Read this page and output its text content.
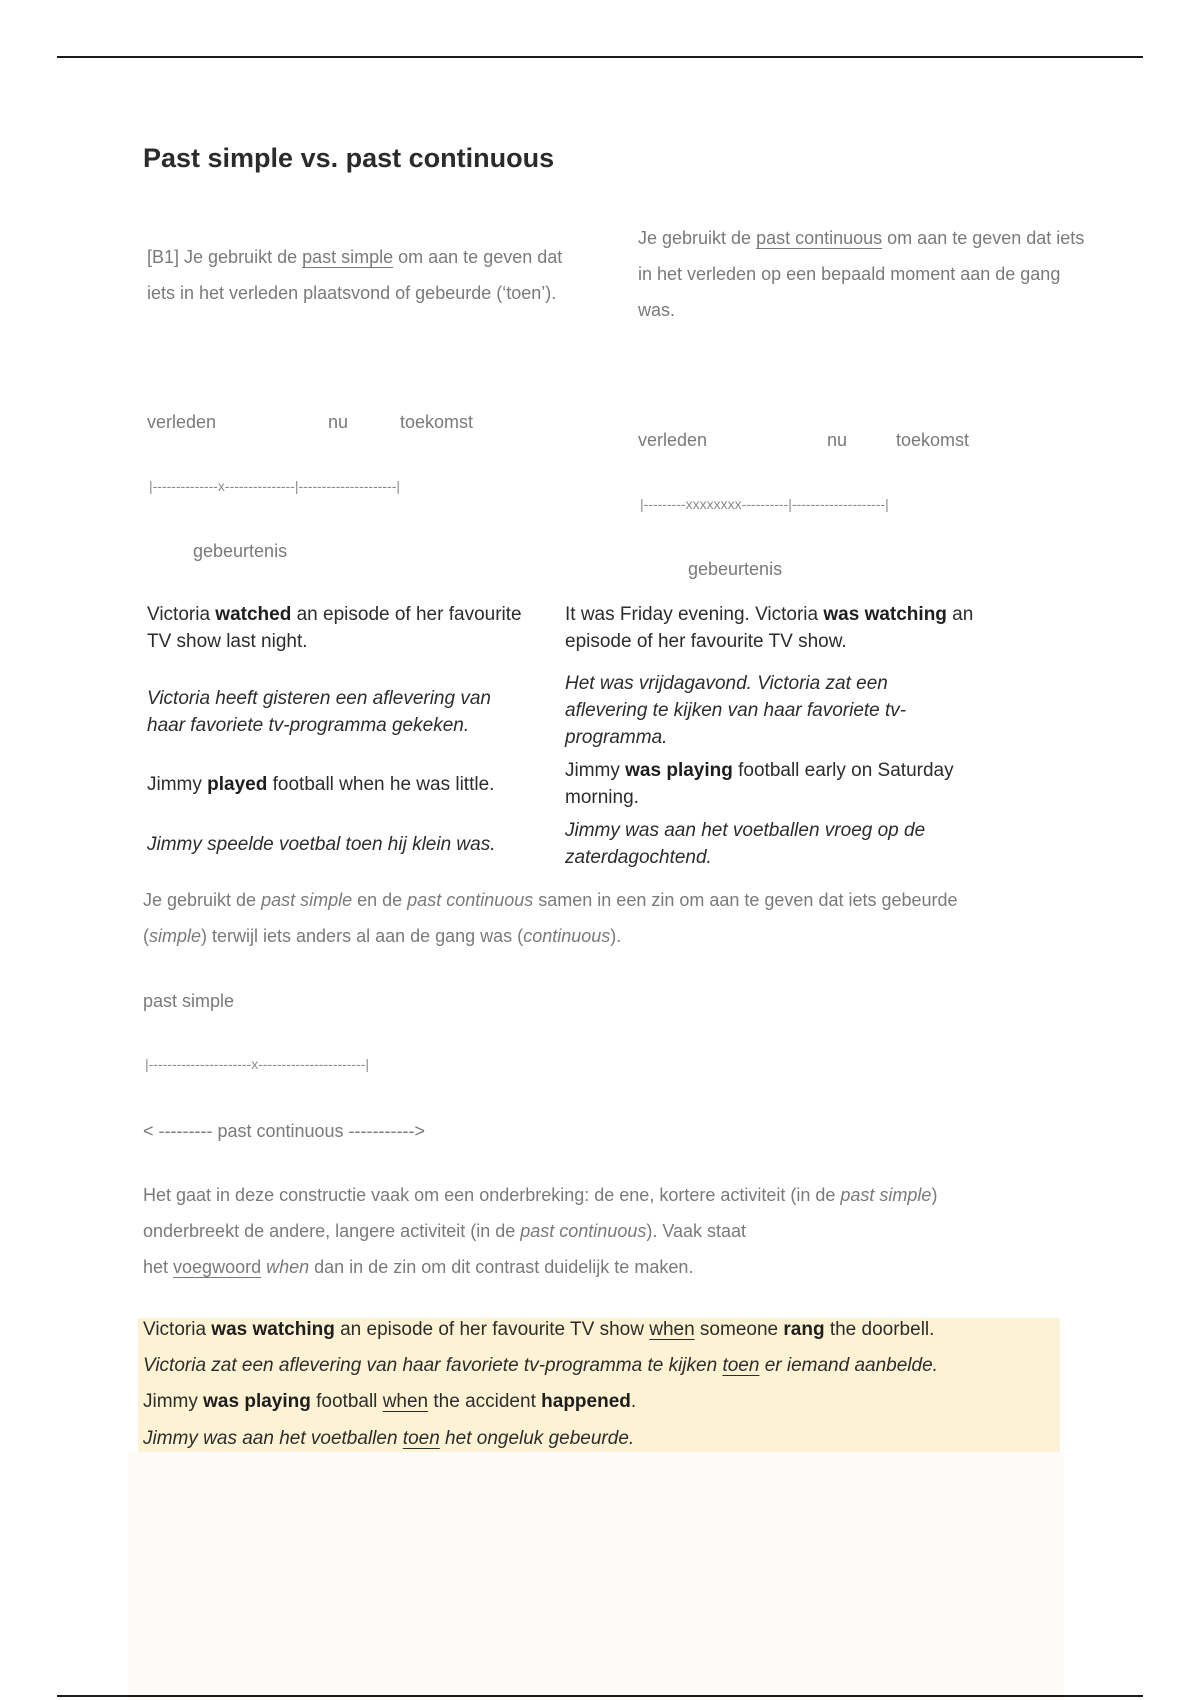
Past simple vs. past continuous
[B1] Je gebruikt de past simple om aan te geven dat
iets in het verleden plaatsvond of gebeurde (‘toen’).
Je gebruikt de past continuous om aan te geven dat iets
in het verleden op een bepaald moment aan de gang
was.
verleden	nu	toekomst
|--------------x---------------|---------------------|
gebeurtenis
verleden	nu	toekomst
|---------xxxxxxxx----------|--------------------|
gebeurtenis
Victoria watched an episode of her favourite
TV show last night.
Victoria heeft gisteren een aflevering van
haar favoriete tv-programma gekeken.
Jimmy played football when he was little.
Jimmy speelde voetbal toen hij klein was.
It was Friday evening. Victoria was watching an
episode of her favourite TV show.
Het was vrijdagavond. Victoria zat een
aflevering te kijken van haar favoriete tv-
programma.
Jimmy was playing football early on Saturday
morning.
Jimmy was aan het voetballen vroeg op de
zaterdagochtend.
Je gebruikt de past simple en de past continuous samen in een zin om aan te geven dat iets gebeurde
(simple) terwijl iets anders al aan de gang was (continuous).
past simple
|----------------------x-----------------------|
< --------- past continuous ----------->
Het gaat in deze constructie vaak om een onderbreking: de ene, kortere activiteit (in de past simple)
onderbreekt de andere, langere activiteit (in de past continuous). Vaak staat
het voegwoord when dan in de zin om dit contrast duidelijk te maken.
Victoria was watching an episode of her favourite TV show when someone rang the doorbell.
Victoria zat een aflevering van haar favoriete tv-programma te kijken toen er iemand aanbelde.
Jimmy was playing football when the accident happened.
Jimmy was aan het voetballen toen het ongeluk gebeurde.
